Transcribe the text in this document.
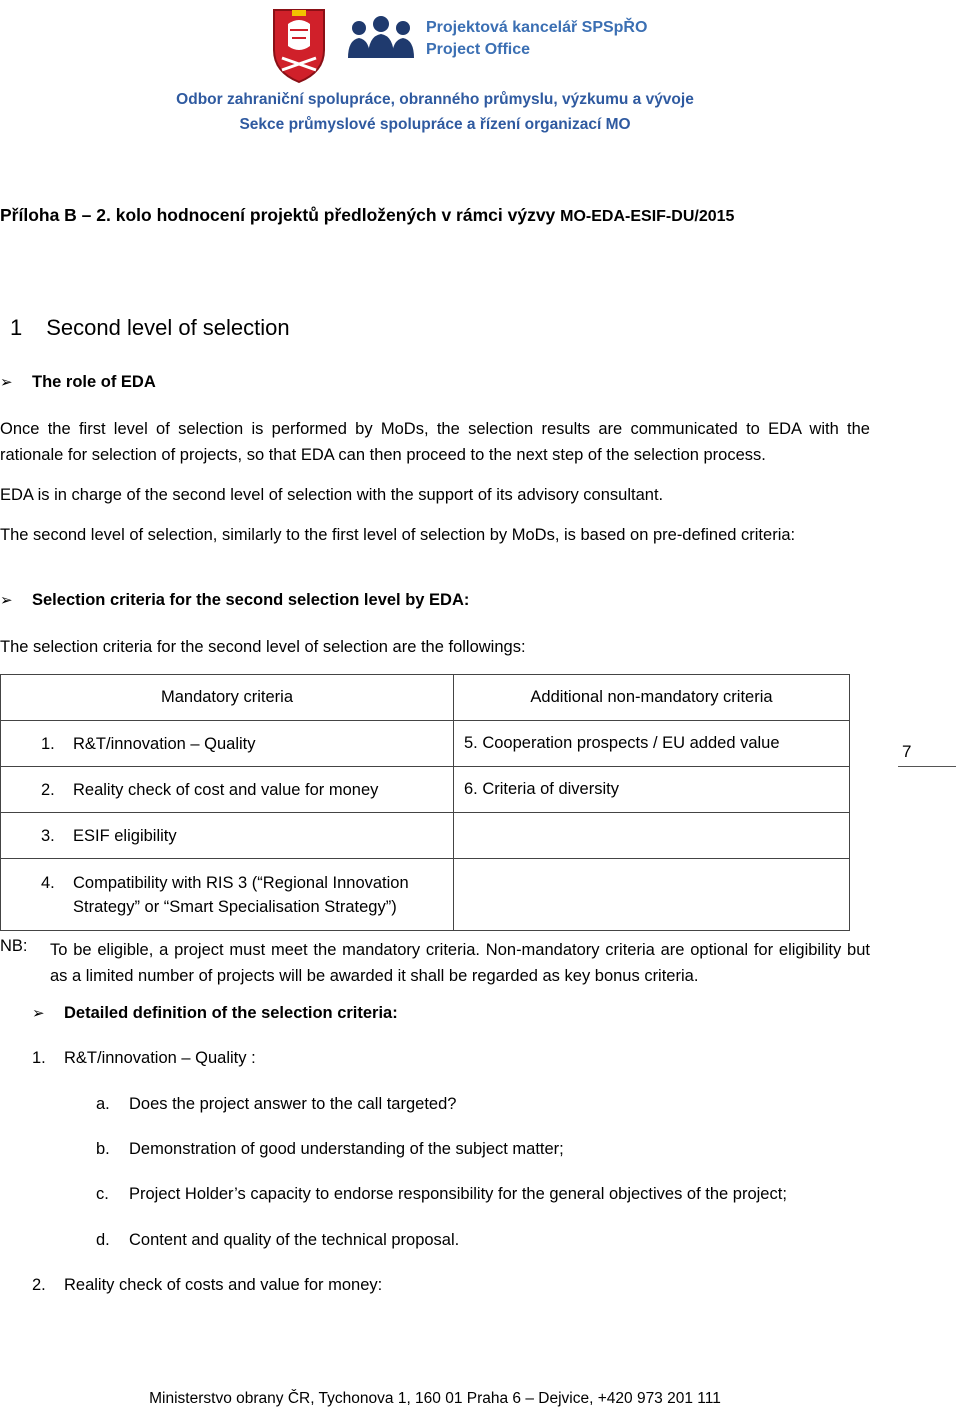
Projektová kancelář SPSpŘO
Project Office
Odbor zahraniční spolupráce, obranného průmyslu, výzkumu a vývoje
Sekce průmyslové spolupráce a řízení organizací MO
Příloha B – 2. kolo hodnocení projektů předložených v rámci výzvy MO-EDA-ESIF-DU/2015
1 Second level of selection
➢ The role of EDA
Once the first level of selection is performed by MoDs, the selection results are communicated to EDA with the rationale for selection of projects, so that EDA can then proceed to the next step of the selection process.
EDA is in charge of the second level of selection with the support of its advisory consultant.
The second level of selection, similarly to the first level of selection by MoDs, is based on pre-defined criteria:
➢ Selection criteria for the second selection level by EDA:
The selection criteria for the second level of selection are the followings:
Mandatory criteria	Additional non-mandatory criteria

1. R&T/innovation – Quality	5. Cooperation prospects / EU added value

2. Reality check of cost and value for money	6. Criteria of diversity

3. ESIF eligibility	

4. Compatibility with RIS 3 (“Regional Innovation Strategy” or “Smart Specialisation Strategy”)	

7
NB: To be eligible, a project must meet the mandatory criteria. Non-mandatory criteria are optional for eligibility but as a limited number of projects will be awarded it shall be regarded as key bonus criteria.
➢ Detailed definition of the selection criteria:
1. R&T/innovation – Quality :
a. Does the project answer to the call targeted?
b. Demonstration of good understanding of the subject matter;
c. Project Holder’s capacity to endorse responsibility for the general objectives of the project;
d. Content and quality of the technical proposal.
2. Reality check of costs and value for money:
Ministerstvo obrany ČR, Tychonova 1, 160 01 Praha 6 – Dejvice, +420 973 201 111
